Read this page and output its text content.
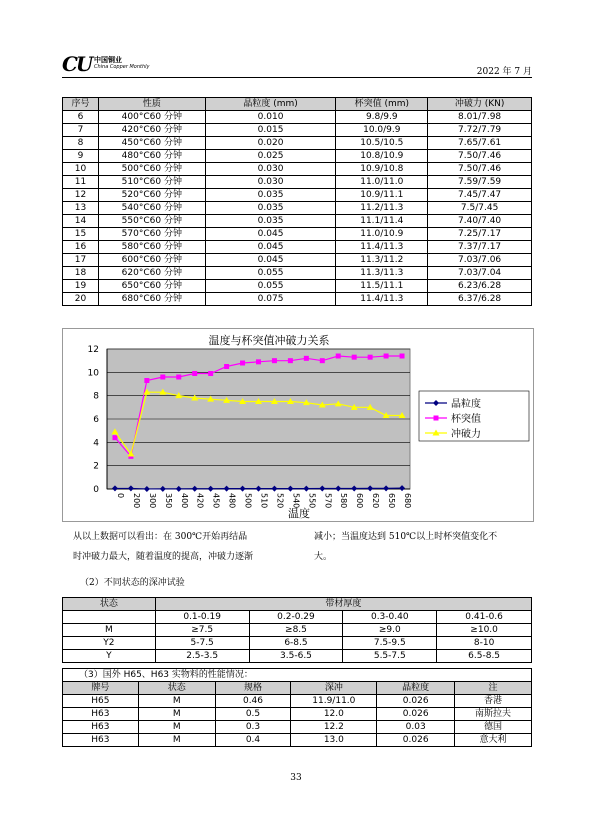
CU 中国铜业
China Copper Monthly	2022 年 7 月
序号	性质	晶粒度 (mm)	杯突值 (mm)	冲破力 (KN)
6	400°C60 分钟	0.010	9.8/9.9	8.01/7.98
7	420°C60 分钟	0.015	10.0/9.9	7.72/7.79
8	450°C60 分钟	0.020	10.5/10.5	7.65/7.61
9	480°C60 分钟	0.025	10.8/10.9	7.50/7.46
10	500°C60 分钟	0.030	10.9/10.8	7.50/7.46
11	510°C60 分钟	0.030	11.0/11.0	7.59/7.59
12	520°C60 分钟	0.035	10.9/11.1	7.45/7.47
13	540°C60 分钟	0.035	11.2/11.3	7.5/7.45
14	550°C60 分钟	0.035	11.1/11.4	7.40/7.40
15	570°C60 分钟	0.045	11.0/10.9	7.25/7.17
16	580°C60 分钟	0.045	11.4/11.3	7.37/7.17
17	600°C60 分钟	0.045	11.3/11.2	7.03/7.06
18	620°C60 分钟	0.055	11.3/11.3	7.03/7.04
19	650°C60 分钟	0.055	11.5/11.1	6.23/6.28
20	680°C60 分钟	0.075	11.4/11.3	6.37/6.28
温度与杯突值冲破力关系
0
2
4
6
8
10
12
0 200 300 350 400 420 450 480 500 510 520 540 550 570 580 600 620 650 680
温度
晶粒度
杯突值
冲破力
从以上数据可以看出：在 300℃开始再结晶
时冲破力最大，随着温度的提高，冲破力逐渐
减小；当温度达到 510℃以上时杯突值变化不
大。
（2）不同状态的深冲试验
状态	带材厚度			
	0.1-0.19	0.2-0.29	0.3-0.40	0.41-0.6
M	≥7.5	≥8.5	≥9.0	≥10.0
Y2	5-7.5	6-8.5	7.5-9.5	8-10
Y	2.5-3.5	3.5-6.5	5.5-7.5	6.5-8.5
（3）国外 H65、H63 实物料的性能情况：					
牌号	状态	规格	深冲	晶粒度	注
H65	M	0.46	11.9/11.0	0.026	香港
H63	M	0.5	12.0	0.026	南斯拉夫
H63	M	0.3	12.2	0.03	德国
H63	M	0.4	13.0	0.026	意大利
33
